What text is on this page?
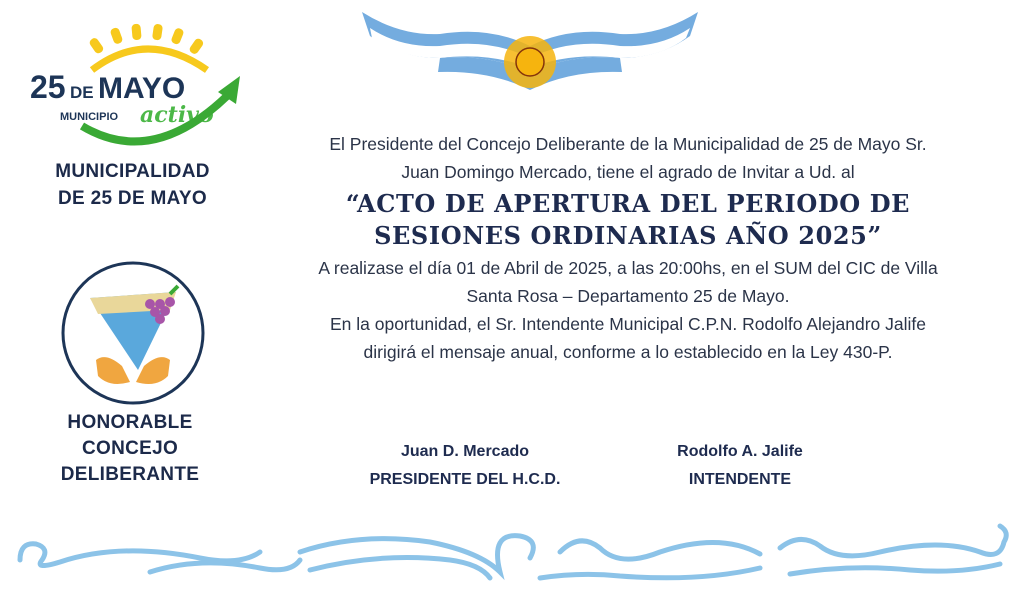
25 DE MAYO
MUNICIPIO activo
MUNICIPALIDAD
DE 25 DE MAYO
HONORABLE
CONCEJO
DELIBERANTE

El Presidente del Concejo Deliberante de la Municipalidad de 25 de Mayo Sr.
Juan Domingo Mercado, tiene el agrado de Invitar a Ud. al

“ACTO DE APERTURA DEL PERIODO DE
SESIONES ORDINARIAS AÑO 2025”

A realizase el día 01 de Abril de 2025, a las 20:00hs, en el SUM del CIC de Villa
Santa Rosa – Departamento 25 de Mayo.
En la oportunidad, el Sr. Intendente Municipal C.P.N. Rodolfo Alejandro Jalife
dirigirá el mensaje anual, conforme a lo establecido en la Ley 430-P.

Juan D. Mercado
PRESIDENTE DEL H.C.D.
Rodolfo A. Jalife
INTENDENTE
